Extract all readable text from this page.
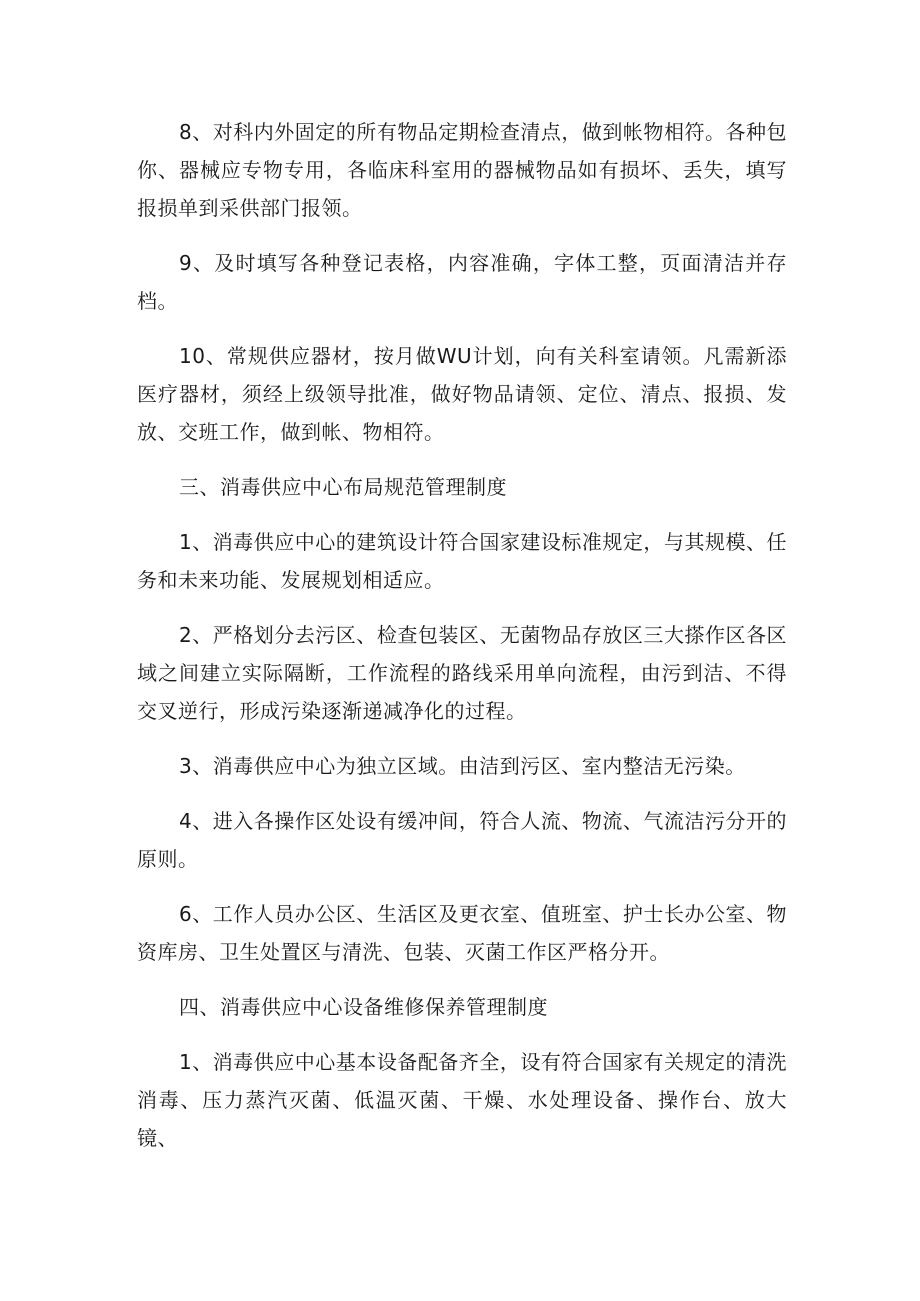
8、对科内外固定的所有物品定期检查清点，做到帐物相符。各种包你、器械应专物专用，各临床科室用的器械物品如有损坏、丢失，填写报损单到采供部门报领。

9、及时填写各种登记表格，内容准确，字体工整，页面清洁并存档。

10、常规供应器材，按月做WU计划，向有关科室请领。凡需新添医疗器材，须经上级领导批准，做好物品请领、定位、清点、报损、发放、交班工作，做到帐、物相符。

三、消毒供应中心布局规范管理制度

1、消毒供应中心的建筑设计符合国家建设标准规定，与其规模、任务和未来功能、发展规划相适应。

2、严格划分去污区、检查包装区、无菌物品存放区三大搽作区各区域之间建立实际隔断，工作流程的路线采用单向流程，由污到洁、不得交叉逆行，形成污染逐渐递减净化的过程。

3、消毒供应中心为独立区域。由洁到污区、室内整洁无污染。

4、进入各操作区处设有缓冲间，符合人流、物流、气流洁污分开的原则。

6、工作人员办公区、生活区及更衣室、值班室、护士长办公室、物资库房、卫生处置区与清洗、包装、灭菌工作区严格分开。

四、消毒供应中心设备维修保养管理制度

1、消毒供应中心基本设备配备齐全，设有符合国家有关规定的清洗消毒、压力蒸汽灭菌、低温灭菌、干燥、水处理设备、操作台、放大镜、
